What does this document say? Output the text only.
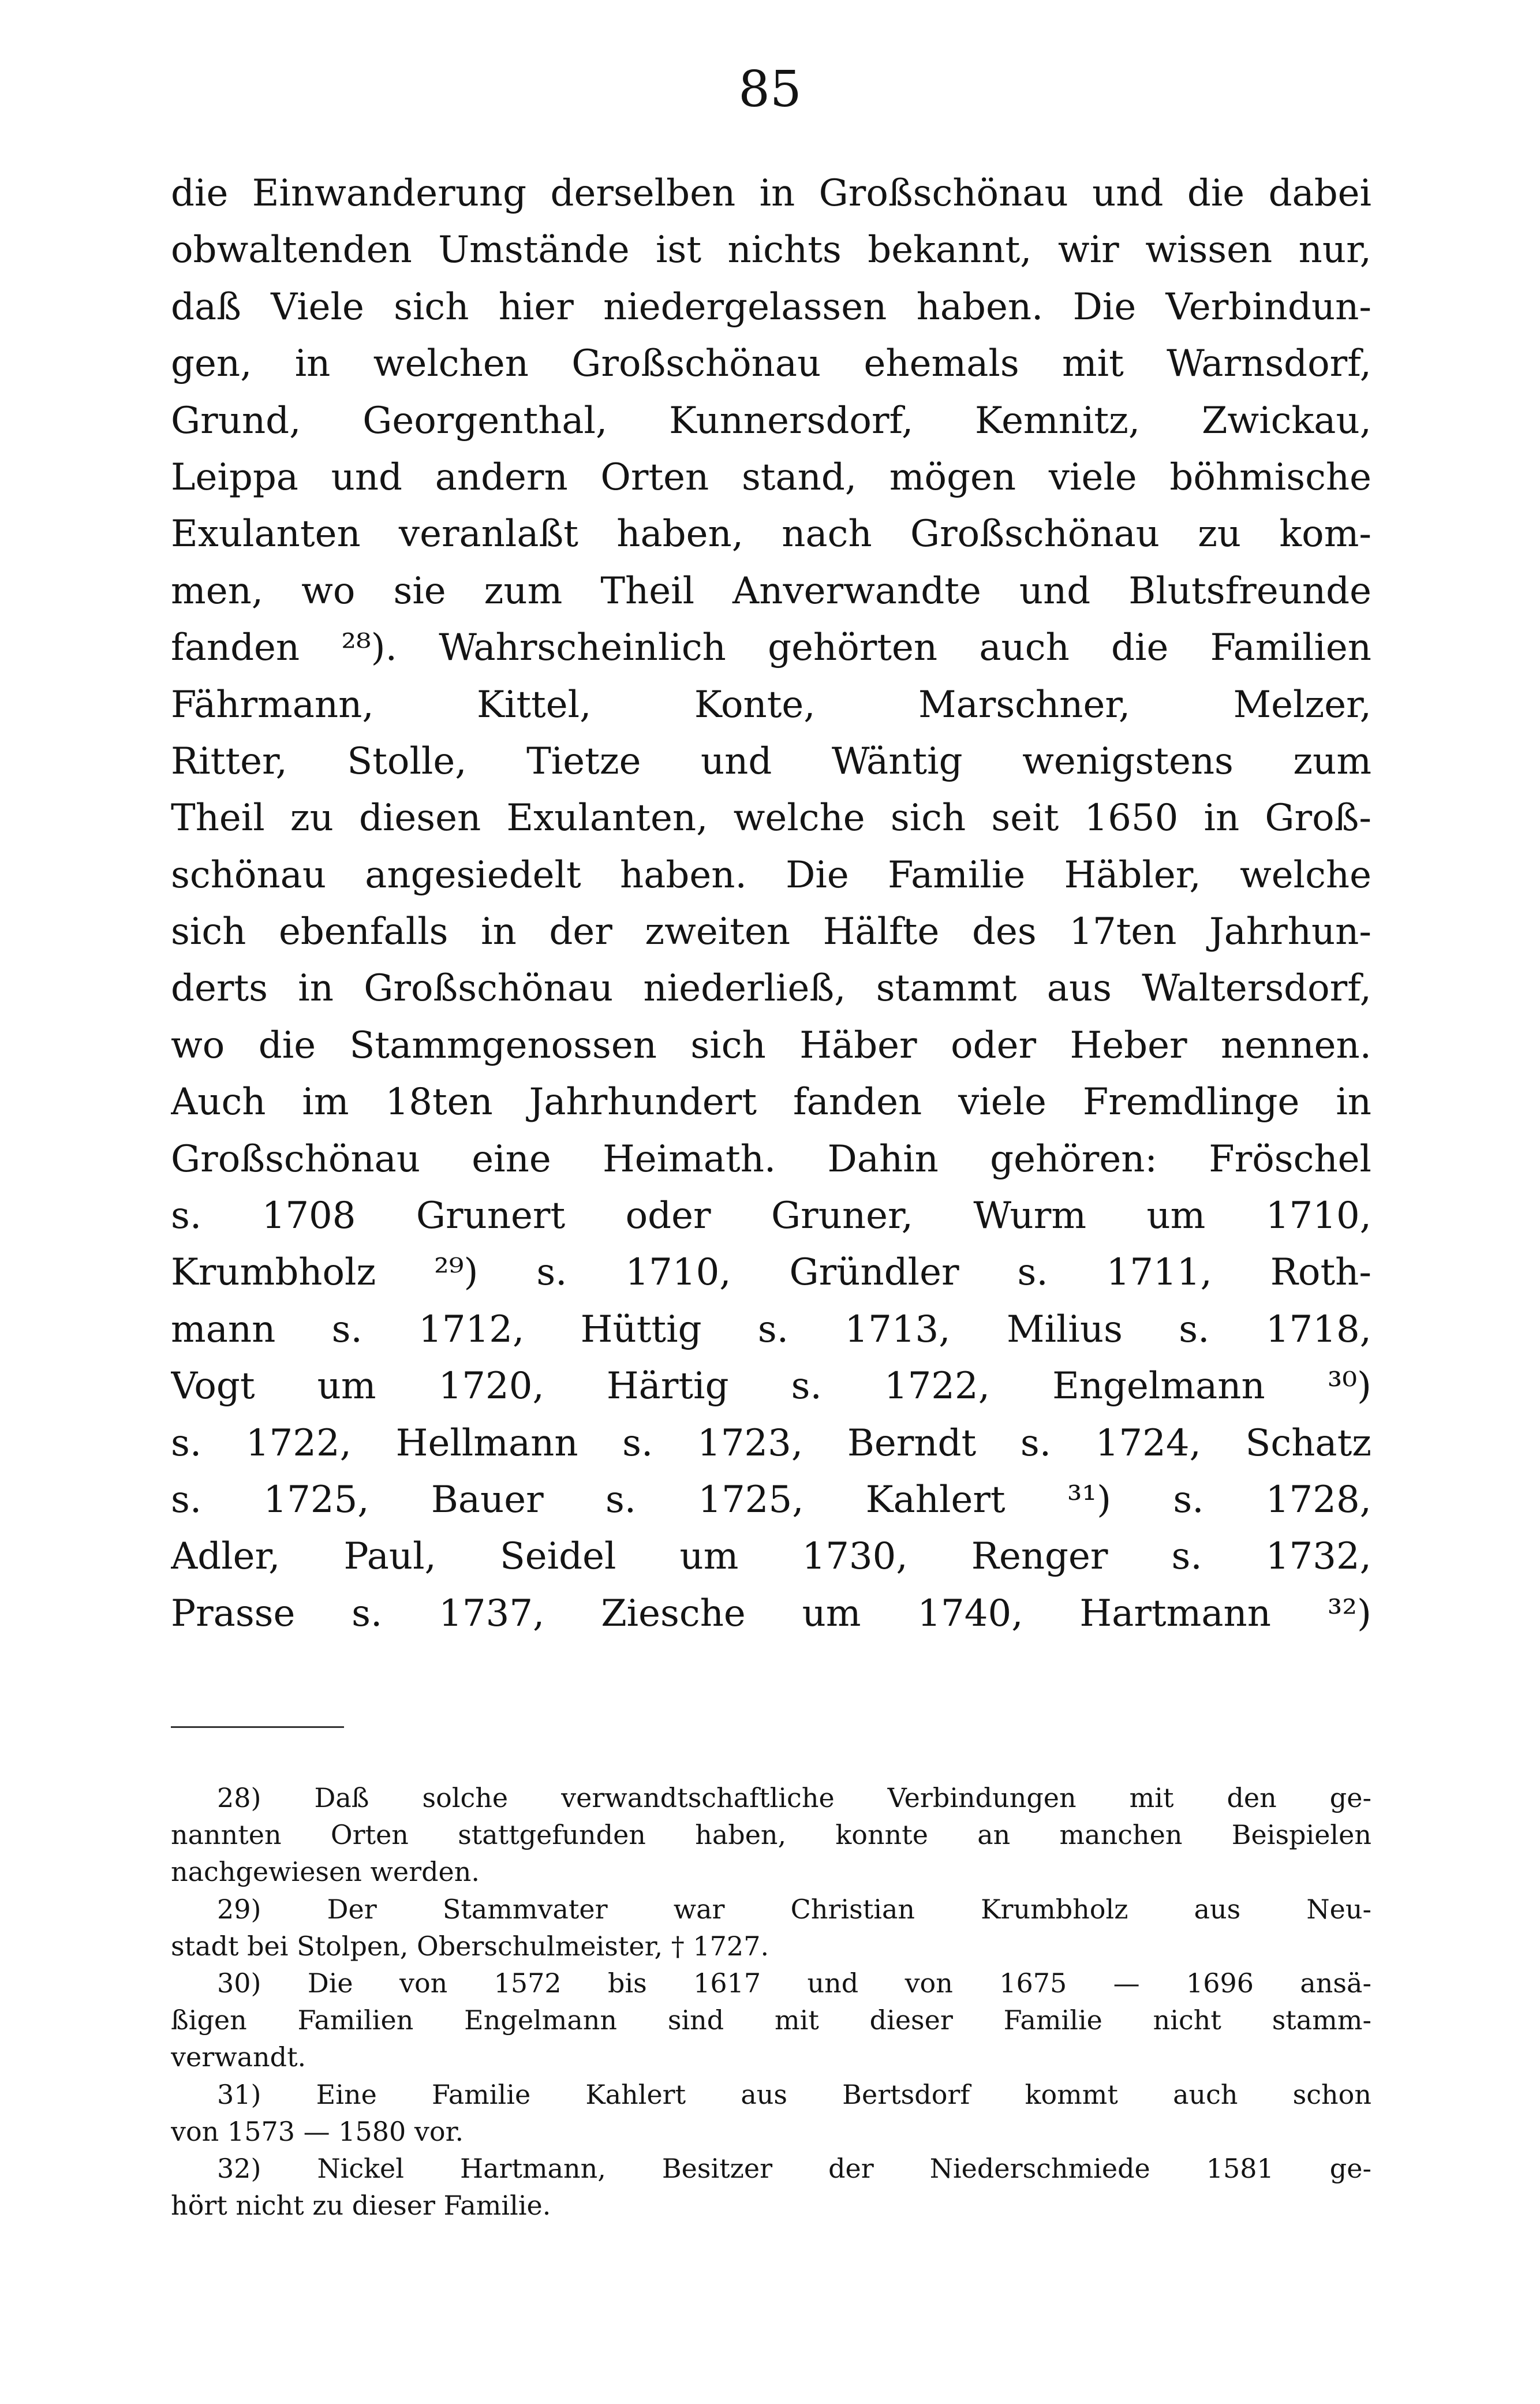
85
die Einwanderung derselben in Großschönau und die dabei
obwaltenden Umstände ist nichts bekannt, wir wissen nur,
daß Viele sich hier niedergelassen haben. Die Verbindun-
gen, in welchen Großschönau ehemals mit Warnsdorf,
Grund, Georgenthal, Kunnersdorf, Kemnitz, Zwickau,
Leippa und andern Orten stand, mögen viele böhmische
Exulanten veranlaßt haben, nach Großschönau zu kom-
men, wo sie zum Theil Anverwandte und Blutsfreunde
fanden ²⁸). Wahrscheinlich gehörten auch die Familien
Fährmann, Kittel, Konte, Marschner, Melzer,
Ritter, Stolle, Tietze und Wäntig wenigstens zum
Theil zu diesen Exulanten, welche sich seit 1650 in Groß-
schönau angesiedelt haben. Die Familie Häbler, welche
sich ebenfalls in der zweiten Hälfte des 17ten Jahrhun-
derts in Großschönau niederließ, stammt aus Waltersdorf,
wo die Stammgenossen sich Häber oder Heber nennen.
Auch im 18ten Jahrhundert fanden viele Fremdlinge in
Großschönau eine Heimath. Dahin gehören: Fröschel
s. 1708 Grunert oder Gruner, Wurm um 1710,
Krumbholz ²⁹) s. 1710, Gründler s. 1711, Roth-
mann s. 1712, Hüttig s. 1713, Milius s. 1718,
Vogt um 1720, Härtig s. 1722, Engelmann ³⁰)
s. 1722, Hellmann s. 1723, Berndt s. 1724, Schatz
s. 1725, Bauer s. 1725, Kahlert ³¹) s. 1728,
Adler, Paul, Seidel um 1730, Renger s. 1732,
Prasse s. 1737, Ziesche um 1740, Hartmann ³²)
28) Daß solche verwandtschaftliche Verbindungen mit den ge-
nannten Orten stattgefunden haben, konnte an manchen Beispielen
nachgewiesen werden.
29) Der Stammvater war Christian Krumbholz aus Neu-
stadt bei Stolpen, Oberschulmeister, † 1727.
30) Die von 1572 bis 1617 und von 1675 — 1696 ansä-
ßigen Familien Engelmann sind mit dieser Familie nicht stamm-
verwandt.
31) Eine Familie Kahlert aus Bertsdorf kommt auch schon
von 1573 — 1580 vor.
32) Nickel Hartmann, Besitzer der Niederschmiede 1581 ge-
hört nicht zu dieser Familie.
